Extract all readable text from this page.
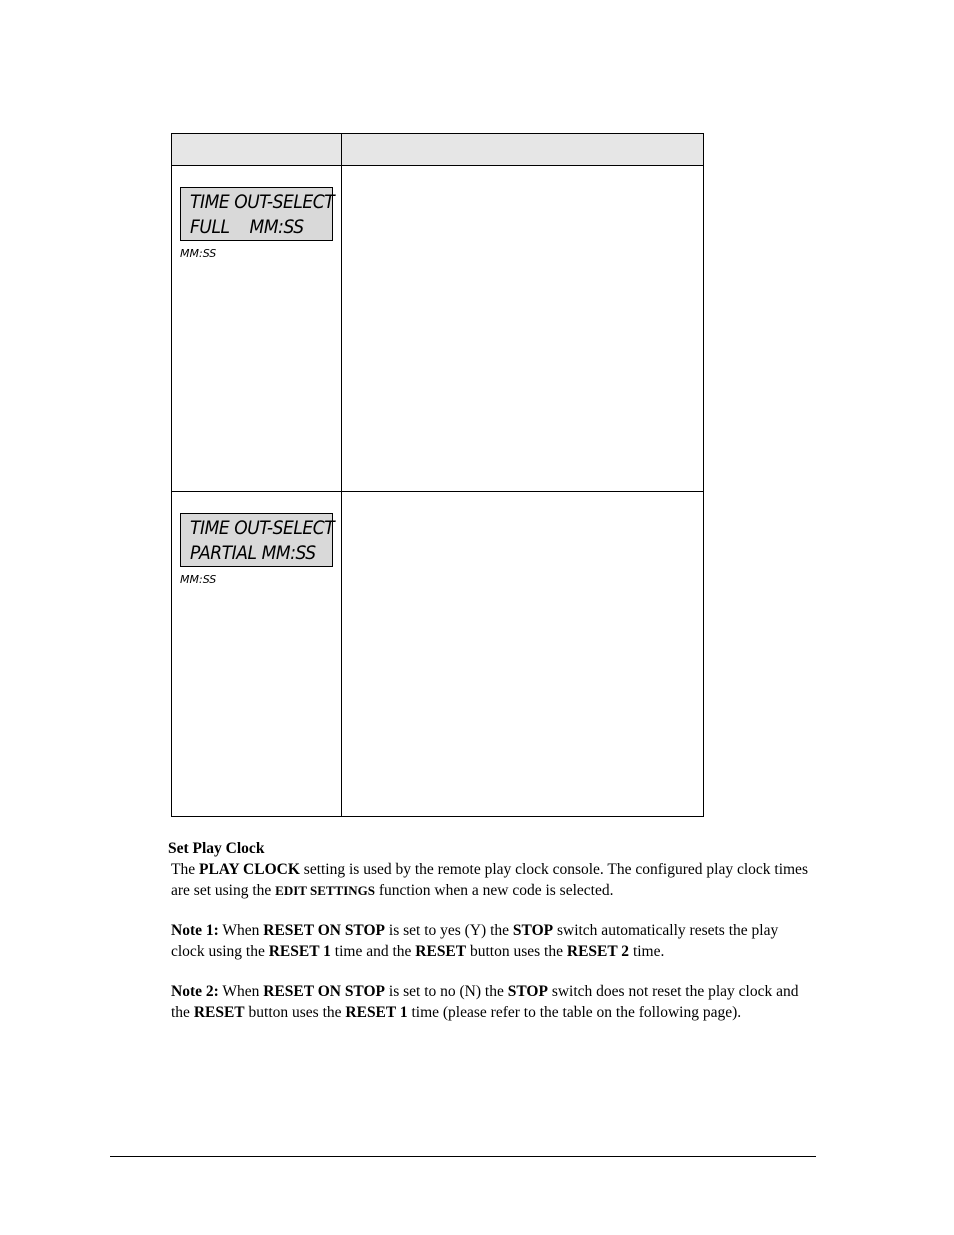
TIME OUT-SELECT
FULL    MM:SS
MM:SS
TIME OUT-SELECT
PARTIAL MM:SS
MM:SS
Set Play Clock

The PLAY CLOCK setting is used by the remote play clock console. The configured play clock times are set using the EDIT SETTINGS function when a new code is selected.

Note 1: When RESET ON STOP is set to yes (Y) the STOP switch automatically resets the play clock using the RESET 1 time and the RESET button uses the RESET 2 time.

Note 2: When RESET ON STOP is set to no (N) the STOP switch does not reset the play clock and the RESET button uses the RESET 1 time (please refer to the table on the following page).
